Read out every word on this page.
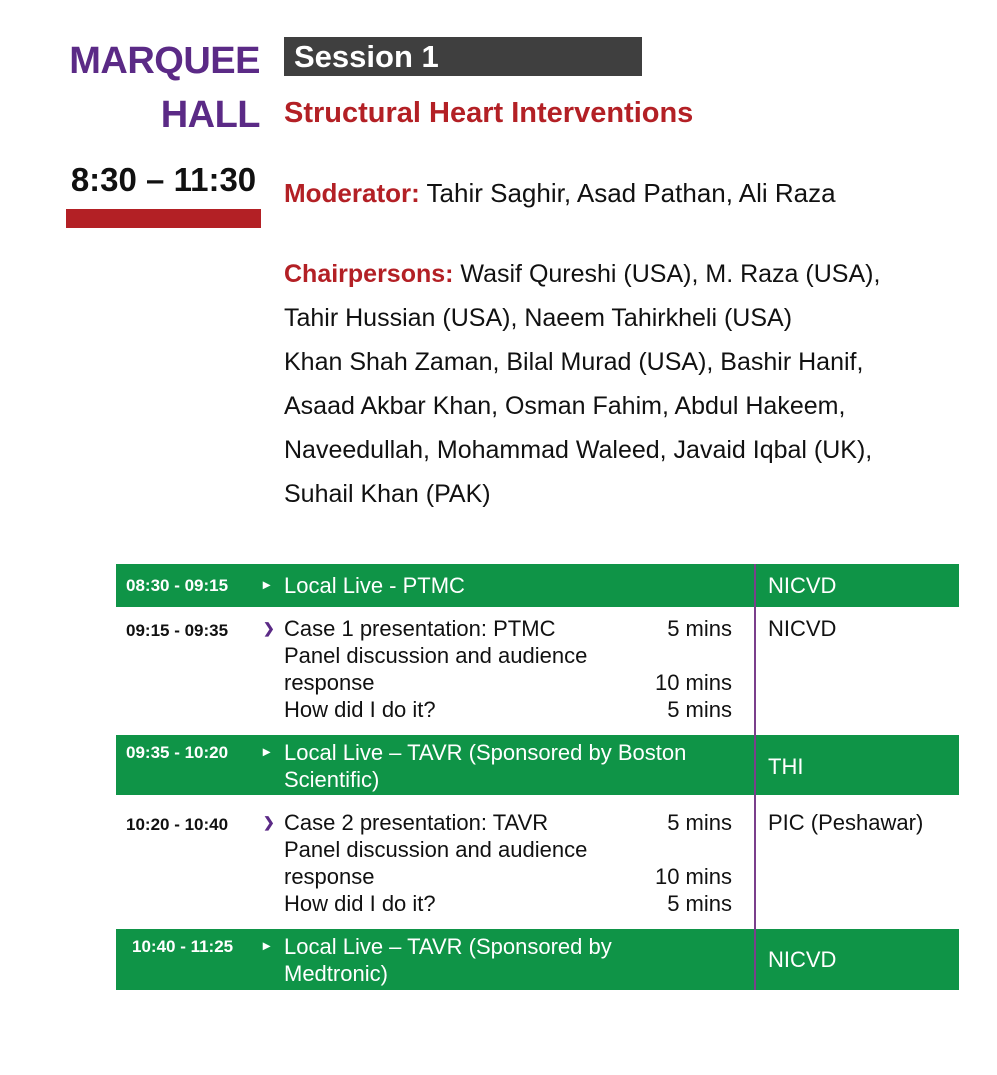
MARQUEE
HALL
8:30 – 11:30
Session 1
Structural Heart Interventions
Moderator: Tahir Saghir, Asad Pathan, Ali Raza
Chairpersons: Wasif Qureshi (USA), M. Raza (USA),
Tahir Hussian (USA), Naeem Tahirkheli (USA)
Khan Shah Zaman, Bilal Murad (USA), Bashir Hanif,
Asaad Akbar Khan, Osman Fahim, Abdul Hakeem,
Naveedullah, Mohammad Waleed, Javaid Iqbal (UK),
Suhail Khan (PAK)
08:30 - 09:15 ▸ Local Live - PTMC	NICVD
09:15 - 09:35 ❯ Case 1 presentation: PTMC	5 mins
Panel discussion and audience response	10 mins
How did I do it?	5 mins
NICVD
09:35 - 10:20 ▸ Local Live – TAVR (Sponsored by Boston Scientific)
THI
10:20 - 10:40 ❯ Case 2 presentation: TAVR	5 mins
Panel discussion and audience response	10 mins
How did I do it?	5 mins
PIC (Peshawar)
10:40 - 11:25 ▸ Local Live – TAVR (Sponsored by Medtronic)
NICVD
